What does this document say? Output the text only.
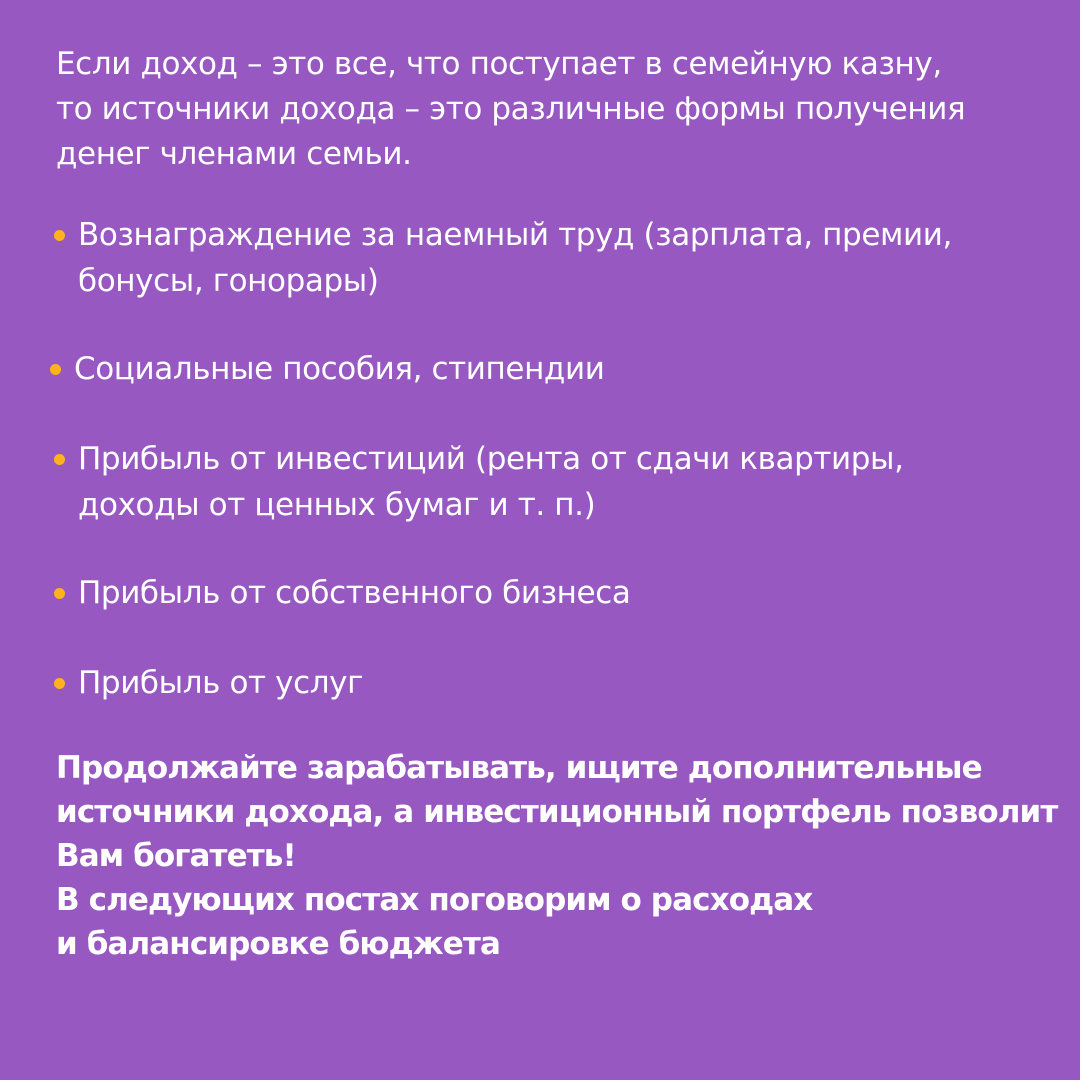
Если доход – это все, что поступает в семейную казну,
то источники дохода – это различные формы получения
денег членами семьи.

Вознаграждение за наемный труд (зарплата, премии,
бонусы, гонорары)
Социальные пособия, стипендии
Прибыль от инвестиций (рента от сдачи квартиры,
доходы от ценных бумаг и т. п.)
Прибыль от собственного бизнеса
Прибыль от услуг
Продолжайте зарабатывать, ищите дополнительные
источники дохода, а инвестиционный портфель позволит
Вам богатеть!
В следующих постах поговорим о расходах
и балансировке бюджета
